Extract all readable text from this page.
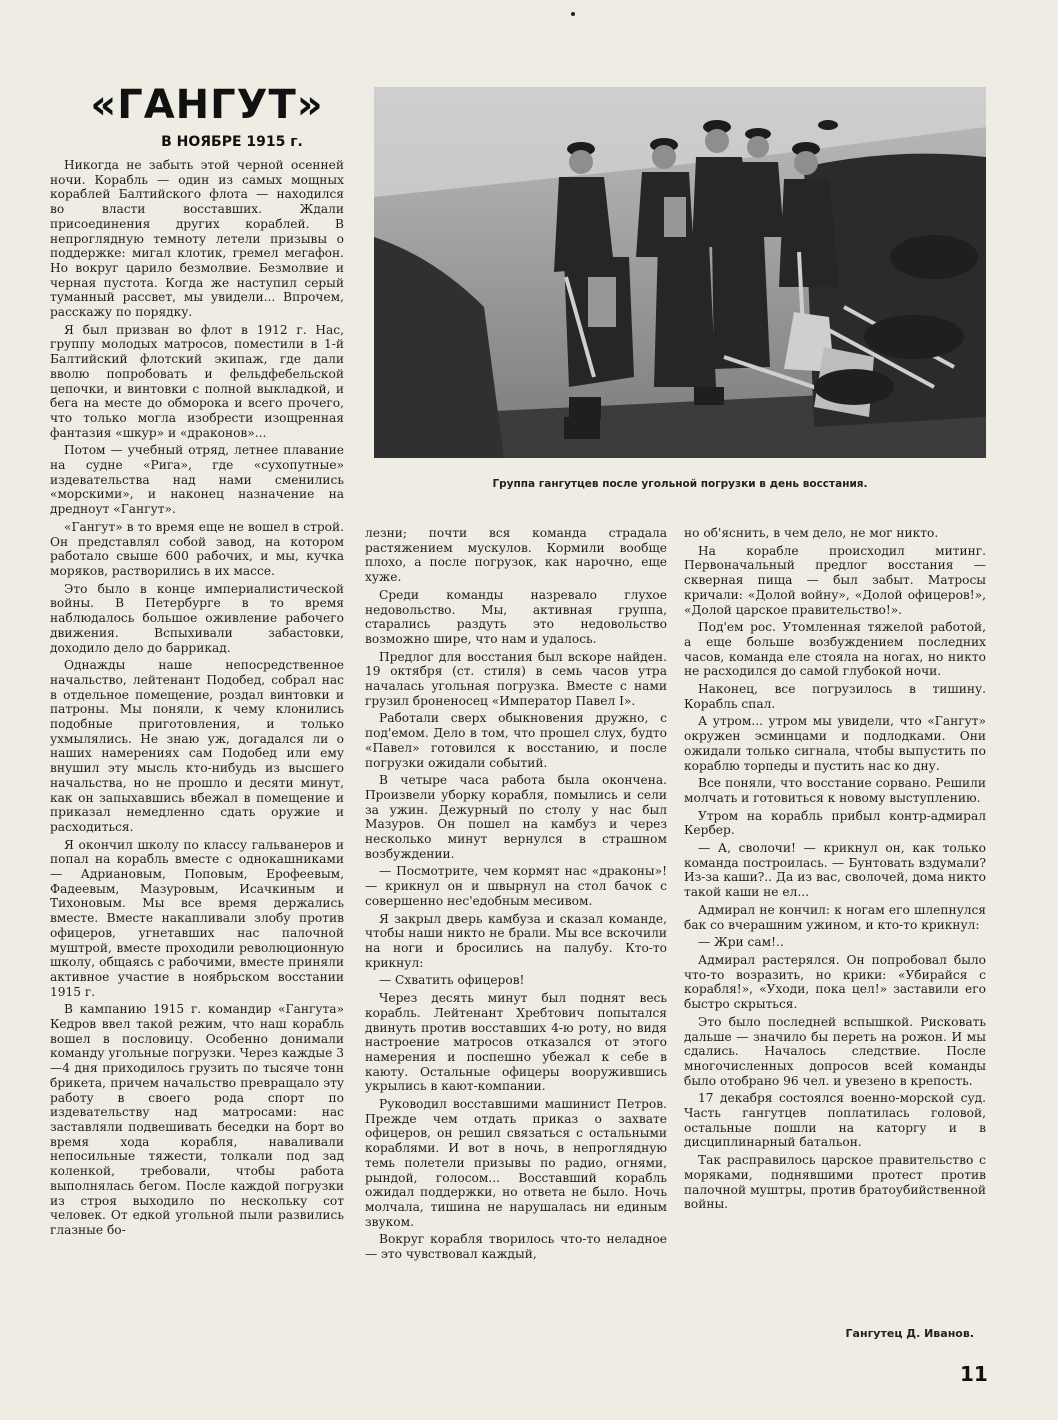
«ГАНГУТ»
В НОЯБРЕ 1915 г.
Группа гангутцев после угольной погрузки в день восстания.

Никогда не забыть этой черной осенней ночи. Корабль — один из самых мощных кораблей Балтийского флота — находился во власти восставших. Ждали присоединения других кораблей. В непроглядную темноту летели призывы о поддержке: мигал клотик, гремел мегафон. Но вокруг царило безмолвие. Безмолвие и черная пустота. Когда же наступил серый туманный рассвет, мы увидели... Впрочем, расскажу по порядку.

Я был призван во флот в 1912 г. Нас, группу молодых матросов, поместили в 1-й Балтийский флотский экипаж, где дали вволю попробовать и фельдфебельской цепочки, и винтовки с полной выкладкой, и бега на месте до обморока и всего прочего, что только могла изобрести изощренная фантазия «шкур» и «драконов»...

Потом — учебный отряд, летнее плавание на судне «Рига», где «сухопутные» издевательства над нами сменились «морскими», и наконец назначение на дредноут «Гангут».

«Гангут» в то время еще не вошел в строй. Он представлял собой завод, на котором работало свыше 600 рабочих, и мы, кучка моряков, растворились в их массе.

Это было в конце империалистической войны. В Петербурге в то время наблюдалось большое оживление рабочего движения. Вспыхивали забастовки, доходило дело до баррикад.

Однажды наше непосредственное начальство, лейтенант Подобед, собрал нас в отдельное помещение, роздал винтовки и патроны. Мы поняли, к чему клонились подобные приготовления, и только ухмылялись. Не знаю уж, догадался ли о наших намерениях сам Подобед или ему внушил эту мысль кто-нибудь из высшего начальства, но не прошло и десяти минут, как он запыхавшись вбежал в помещение и приказал немедленно сдать оружие и расходиться.

Я окончил школу по классу гальванеров и попал на корабль вместе с однокашниками — Адриановым, Поповым, Ерофеевым, Фадеевым, Мазуровым, Исачкиным и Тихоновым. Мы все время держались вместе. Вместе накапливали злобу против офицеров, угнетавших нас палочной муштрой, вместе проходили революционную школу, общаясь с рабочими, вместе приняли активное участие в ноябрьском восстании 1915 г.

В кампанию 1915 г. командир «Гангута» Кедров ввел такой режим, что наш корабль вошел в пословицу. Особенно донимали команду угольные погрузки. Через каждые 3—4 дня приходилось грузить по тысяче тонн брикета, причем начальство превращало эту работу в своего рода спорт по издевательству над матросами: нас заставляли подвешивать беседки на борт во время хода корабля, наваливали непосильные тяжести, толкали под зад коленкой, требовали, чтобы работа выполнялась бегом. После каждой погрузки из строя выходило по нескольку сот человек. От едкой угольной пыли развились глазные бо-

лезни; почти вся команда страдала растяжением мускулов. Кормили вообще плохо, а после погрузок, как нарочно, еще хуже.

Среди команды назревало глухое недовольство. Мы, активная группа, старались раздуть это недовольство возможно шире, что нам и удалось.

Предлог для восстания был вскоре найден. 19 октября (ст. стиля) в семь часов утра началась угольная погрузка. Вместе с нами грузил броненосец «Император Павел I».

Работали сверх обыкновения дружно, с под'емом. Дело в том, что прошел слух, будто «Павел» готовился к восстанию, и после погрузки ожидали событий.

В четыре часа работа была окончена. Произвели уборку корабля, помылись и сели за ужин. Дежурный по столу у нас был Мазуров. Он пошел на камбуз и через несколько минут вернулся в страшном возбуждении.

— Посмотрите, чем кормят нас «драконы»! — крикнул он и швырнул на стол бачок с совершенно нес'едобным месивом.

Я закрыл дверь камбуза и сказал команде, чтобы наши никто не брали. Мы все вскочили на ноги и бросились на палубу. Кто-то крикнул:

— Схватить офицеров!

Через десять минут был поднят весь корабль. Лейтенант Хребтович попытался двинуть против восставших 4-ю роту, но видя настроение матросов отказался от этого намерения и поспешно убежал к себе в каюту. Остальные офицеры вооружившись укрылись в кают-компании.

Руководил восставшими машинист Петров. Прежде чем отдать приказ о захвате офицеров, он решил связаться с остальными кораблями. И вот в ночь, в непроглядную темь полетели призывы по радио, огнями, рындой, голосом... Восставший корабль ожидал поддержки, но ответа не было. Ночь молчала, тишина не нарушалась ни единым звуком.

Вокруг корабля творилось что-то неладное — это чувствовал каждый,

но об'яснить, в чем дело, не мог никто.

На корабле происходил митинг. Первоначальный предлог восстания — скверная пища — был забыт. Матросы кричали: «Долой войну», «Долой офицеров!», «Долой царское правительство!».

Под'ем рос. Утомленная тяжелой работой, а еще больше возбуждением последних часов, команда еле стояла на ногах, но никто не расходился до самой глубокой ночи.

Наконец, все погрузилось в тишину. Корабль спал.

А утром... утром мы увидели, что «Гангут» окружен эсминцами и подлодками. Они ожидали только сигнала, чтобы выпустить по кораблю торпеды и пустить нас ко дну.

Все поняли, что восстание сорвано. Решили молчать и готовиться к новому выступлению.

Утром на корабль прибыл контр-адмирал Кербер.

— А, сволочи! — крикнул он, как только команда построилась. — Бунтовать вздумали? Из-за каши?.. Да из вас, сволочей, дома никто такой каши не ел...

Адмирал не кончил: к ногам его шлепнулся бак со вчерашним ужином, и кто-то крикнул:

— Жри сам!..

Адмирал растерялся. Он попробовал было что-то возразить, но крики: «Убирайся с корабля!», «Уходи, пока цел!» заставили его быстро скрыться.

Это было последней вспышкой. Рисковать дальше — значило бы переть на рожон. И мы сдались. Началось следствие. После многочисленных допросов всей команды было отобрано 96 чел. и увезено в крепость.

17 декабря состоялся военно-морской суд. Часть гангутцев поплатилась головой, остальные пошли на каторгу и в дисциплинарный батальон.

Так расправилось царское правительство с моряками, поднявшими протест против палочной муштры, против братоубийственной войны.

Гангутец Д. Иванов.
11
